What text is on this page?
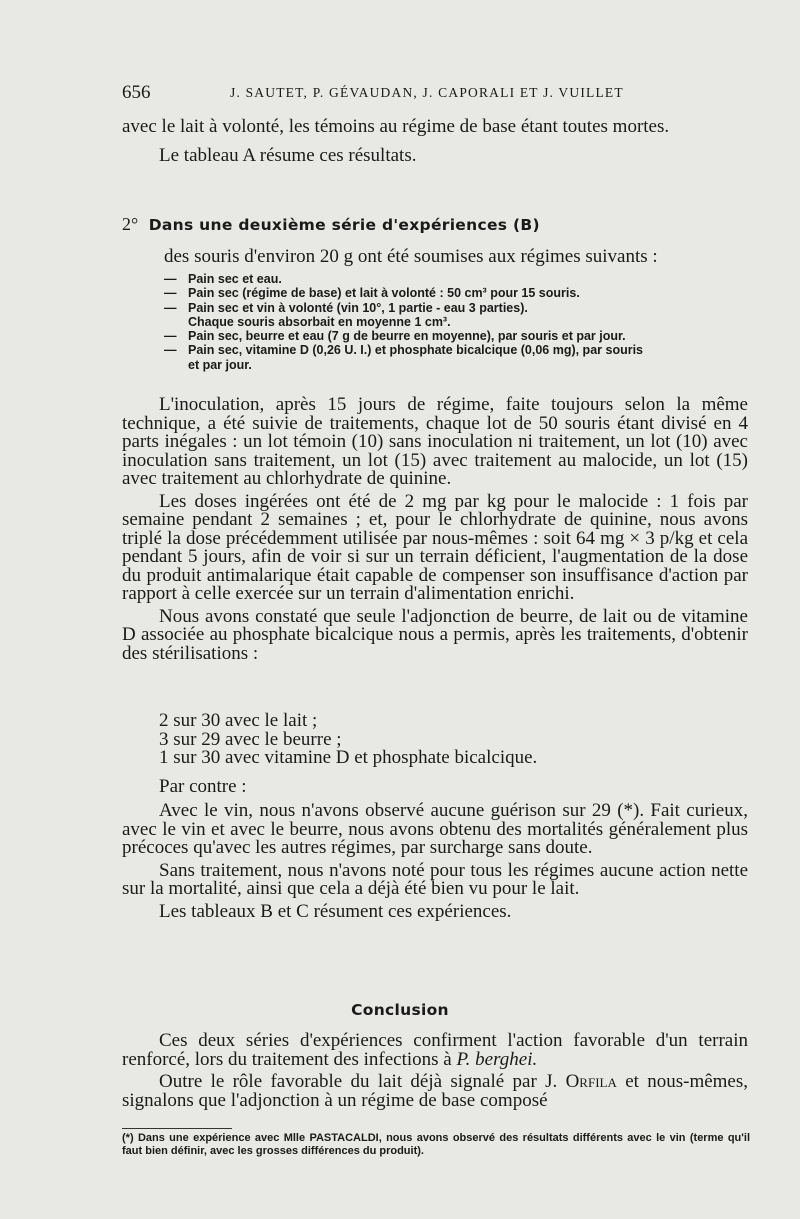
656	J. SAUTET, P. GÉVAUDAN, J. CAPORALI ET J. VUILLET

avec le lait à volonté, les témoins au régime de base étant toutes mortes.

Le tableau A résume ces résultats.

2° Dans une deuxième série d'expériences (B)
des souris d'environ 20 g ont été soumises aux régimes suivants :
— Pain sec et eau.
— Pain sec (régime de base) et lait à volonté : 50 cm³ pour 15 souris.
— Pain sec et vin à volonté (vin 10°, 1 partie - eau 3 parties).
Chaque souris absorbait en moyenne 1 cm³.
— Pain sec, beurre et eau (7 g de beurre en moyenne), par souris et par jour.
— Pain sec, vitamine D (0,26 U. I.) et phosphate bicalcique (0,06 mg), par souris
et par jour.

L'inoculation, après 15 jours de régime, faite toujours selon la même technique, a été suivie de traitements, chaque lot de 50 souris étant divisé en 4 parts inégales : un lot témoin (10) sans inoculation ni traitement, un lot (10) avec inoculation sans traitement, un lot (15) avec traitement au malocide, un lot (15) avec traitement au chlorhydrate de quinine.

Les doses ingérées ont été de 2 mg par kg pour le malocide : 1 fois par semaine pendant 2 semaines ; et, pour le chlorhydrate de quinine, nous avons triplé la dose précédemment utilisée par nous-mêmes : soit 64 mg × 3 p/kg et cela pendant 5 jours, afin de voir si sur un terrain déficient, l'augmentation de la dose du produit antimalarique était capable de compenser son insuffisance d'action par rapport à celle exercée sur un terrain d'alimentation enrichi.

Nous avons constaté que seule l'adjonction de beurre, de lait ou de vitamine D associée au phosphate bicalcique nous a permis, après les traitements, d'obtenir des stérilisations :

2 sur 30 avec le lait ;
3 sur 29 avec le beurre ;
1 sur 30 avec vitamine D et phosphate bicalcique.
Par contre :

Avec le vin, nous n'avons observé aucune guérison sur 29 (*). Fait curieux, avec le vin et avec le beurre, nous avons obtenu des mortalités généralement plus précoces qu'avec les autres régimes, par surcharge sans doute.

Sans traitement, nous n'avons noté pour tous les régimes aucune action nette sur la mortalité, ainsi que cela a déjà été bien vu pour le lait.

Les tableaux B et C résument ces expériences.

Conclusion

Ces deux séries d'expériences confirment l'action favorable d'un terrain renforcé, lors du traitement des infections à P. berghei.

Outre le rôle favorable du lait déjà signalé par J. Orfila et nous-mêmes, signalons que l'adjonction à un régime de base composé

(*) Dans une expérience avec Mlle PASTACALDI, nous avons observé des résultats différents avec le vin (terme qu'il faut bien définir, avec les grosses différences du produit).
